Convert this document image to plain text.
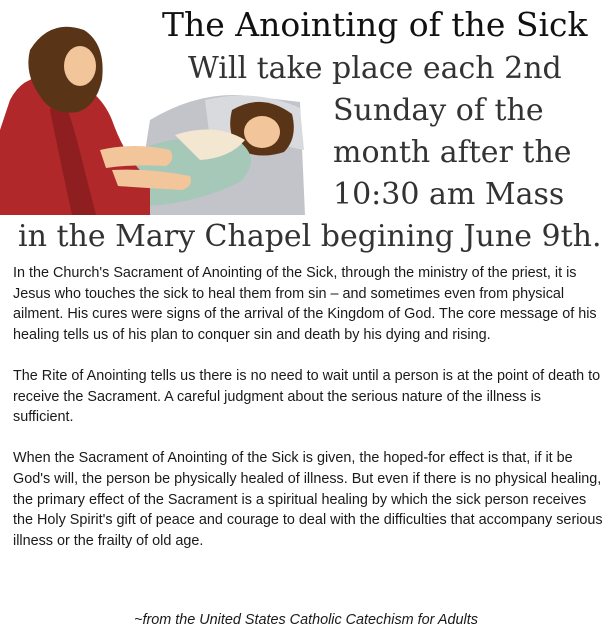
The Anointing of the Sick
Will take place each 2nd
Sunday of the
month after the
10:30 am Mass
in the Mary Chapel begining June 9th.

In the Church's Sacrament of Anointing of the Sick, through the ministry of the priest, it is Jesus who touches the sick to heal them from sin – and sometimes even from physical ailment. His cures were signs of the arrival of the Kingdom of God. The core message of his healing tells us of his plan to conquer sin and death by his dying and rising.

The Rite of Anointing tells us there is no need to wait until a person is at the point of death to receive the Sacrament. A careful judgment about the serious nature of the illness is sufficient.

When the Sacrament of Anointing of the Sick is given, the hoped-for effect is that, if it be God's will, the person be physically healed of illness. But even if there is no physical healing, the primary effect of the Sacrament is a spiritual healing by which the sick person receives the Holy Spirit's gift of peace and courage to deal with the difficulties that accompany serious illness or the frailty of old age.

~from the United States Catholic Catechism for Adults
